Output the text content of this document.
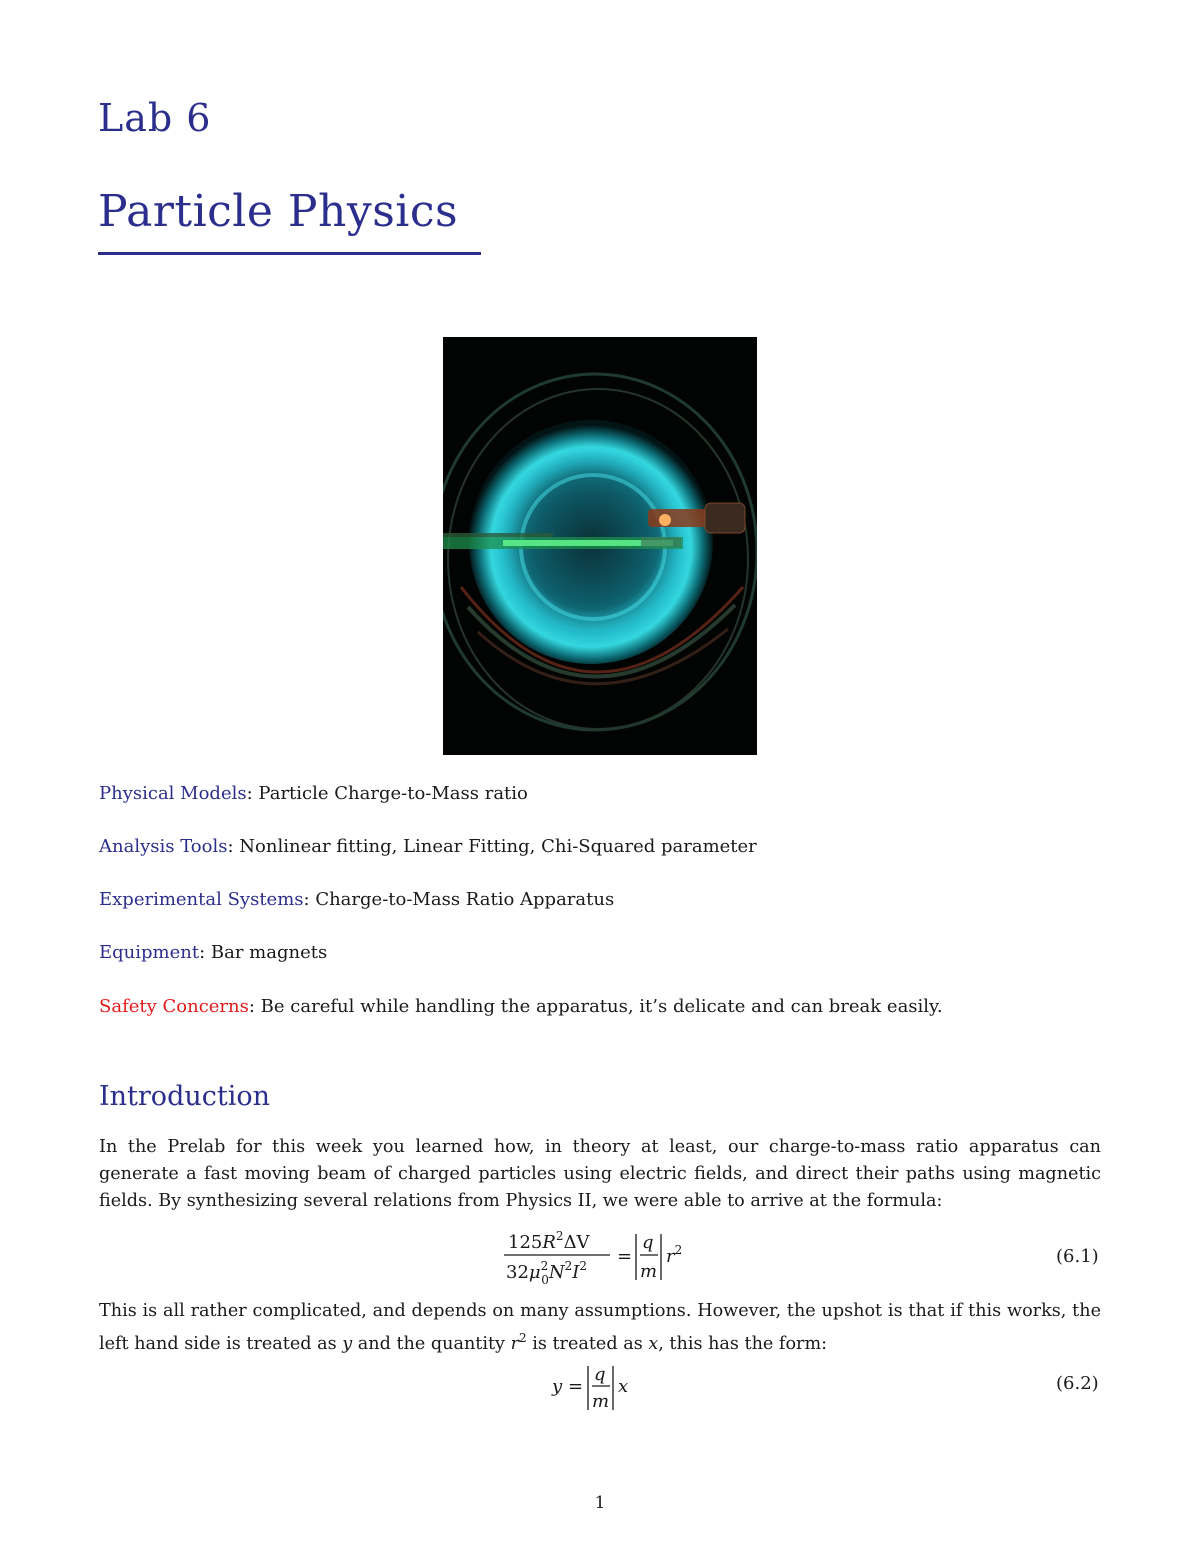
Lab 6
Particle Physics
Physical Models: Particle Charge-to-Mass ratio
Analysis Tools: Nonlinear fitting, Linear Fitting, Chi-Squared parameter
Experimental Systems: Charge-to-Mass Ratio Apparatus
Equipment: Bar magnets
Safety Concerns: Be careful while handling the apparatus, it’s delicate and can break easily.
Introduction
In the Prelab for this week you learned how, in theory at least, our charge-to-mass ratio apparatus can generate a fast moving beam of charged particles using electric fields, and direct their paths using magnetic fields. By synthesizing several relations from Physics II, we were able to arrive at the formula:
$125R^2\Delta V$
$32\mu^2$ $0N^2I^2$ =
q
m
$r^2$	(6.1)
This is all rather complicated, and depends on many assumptions. However, the upshot is that if this works, the left hand side is treated as y and the quantity $r^2$ is treated as x, this has the form:
y =
q
m
x	(6.2)
1
